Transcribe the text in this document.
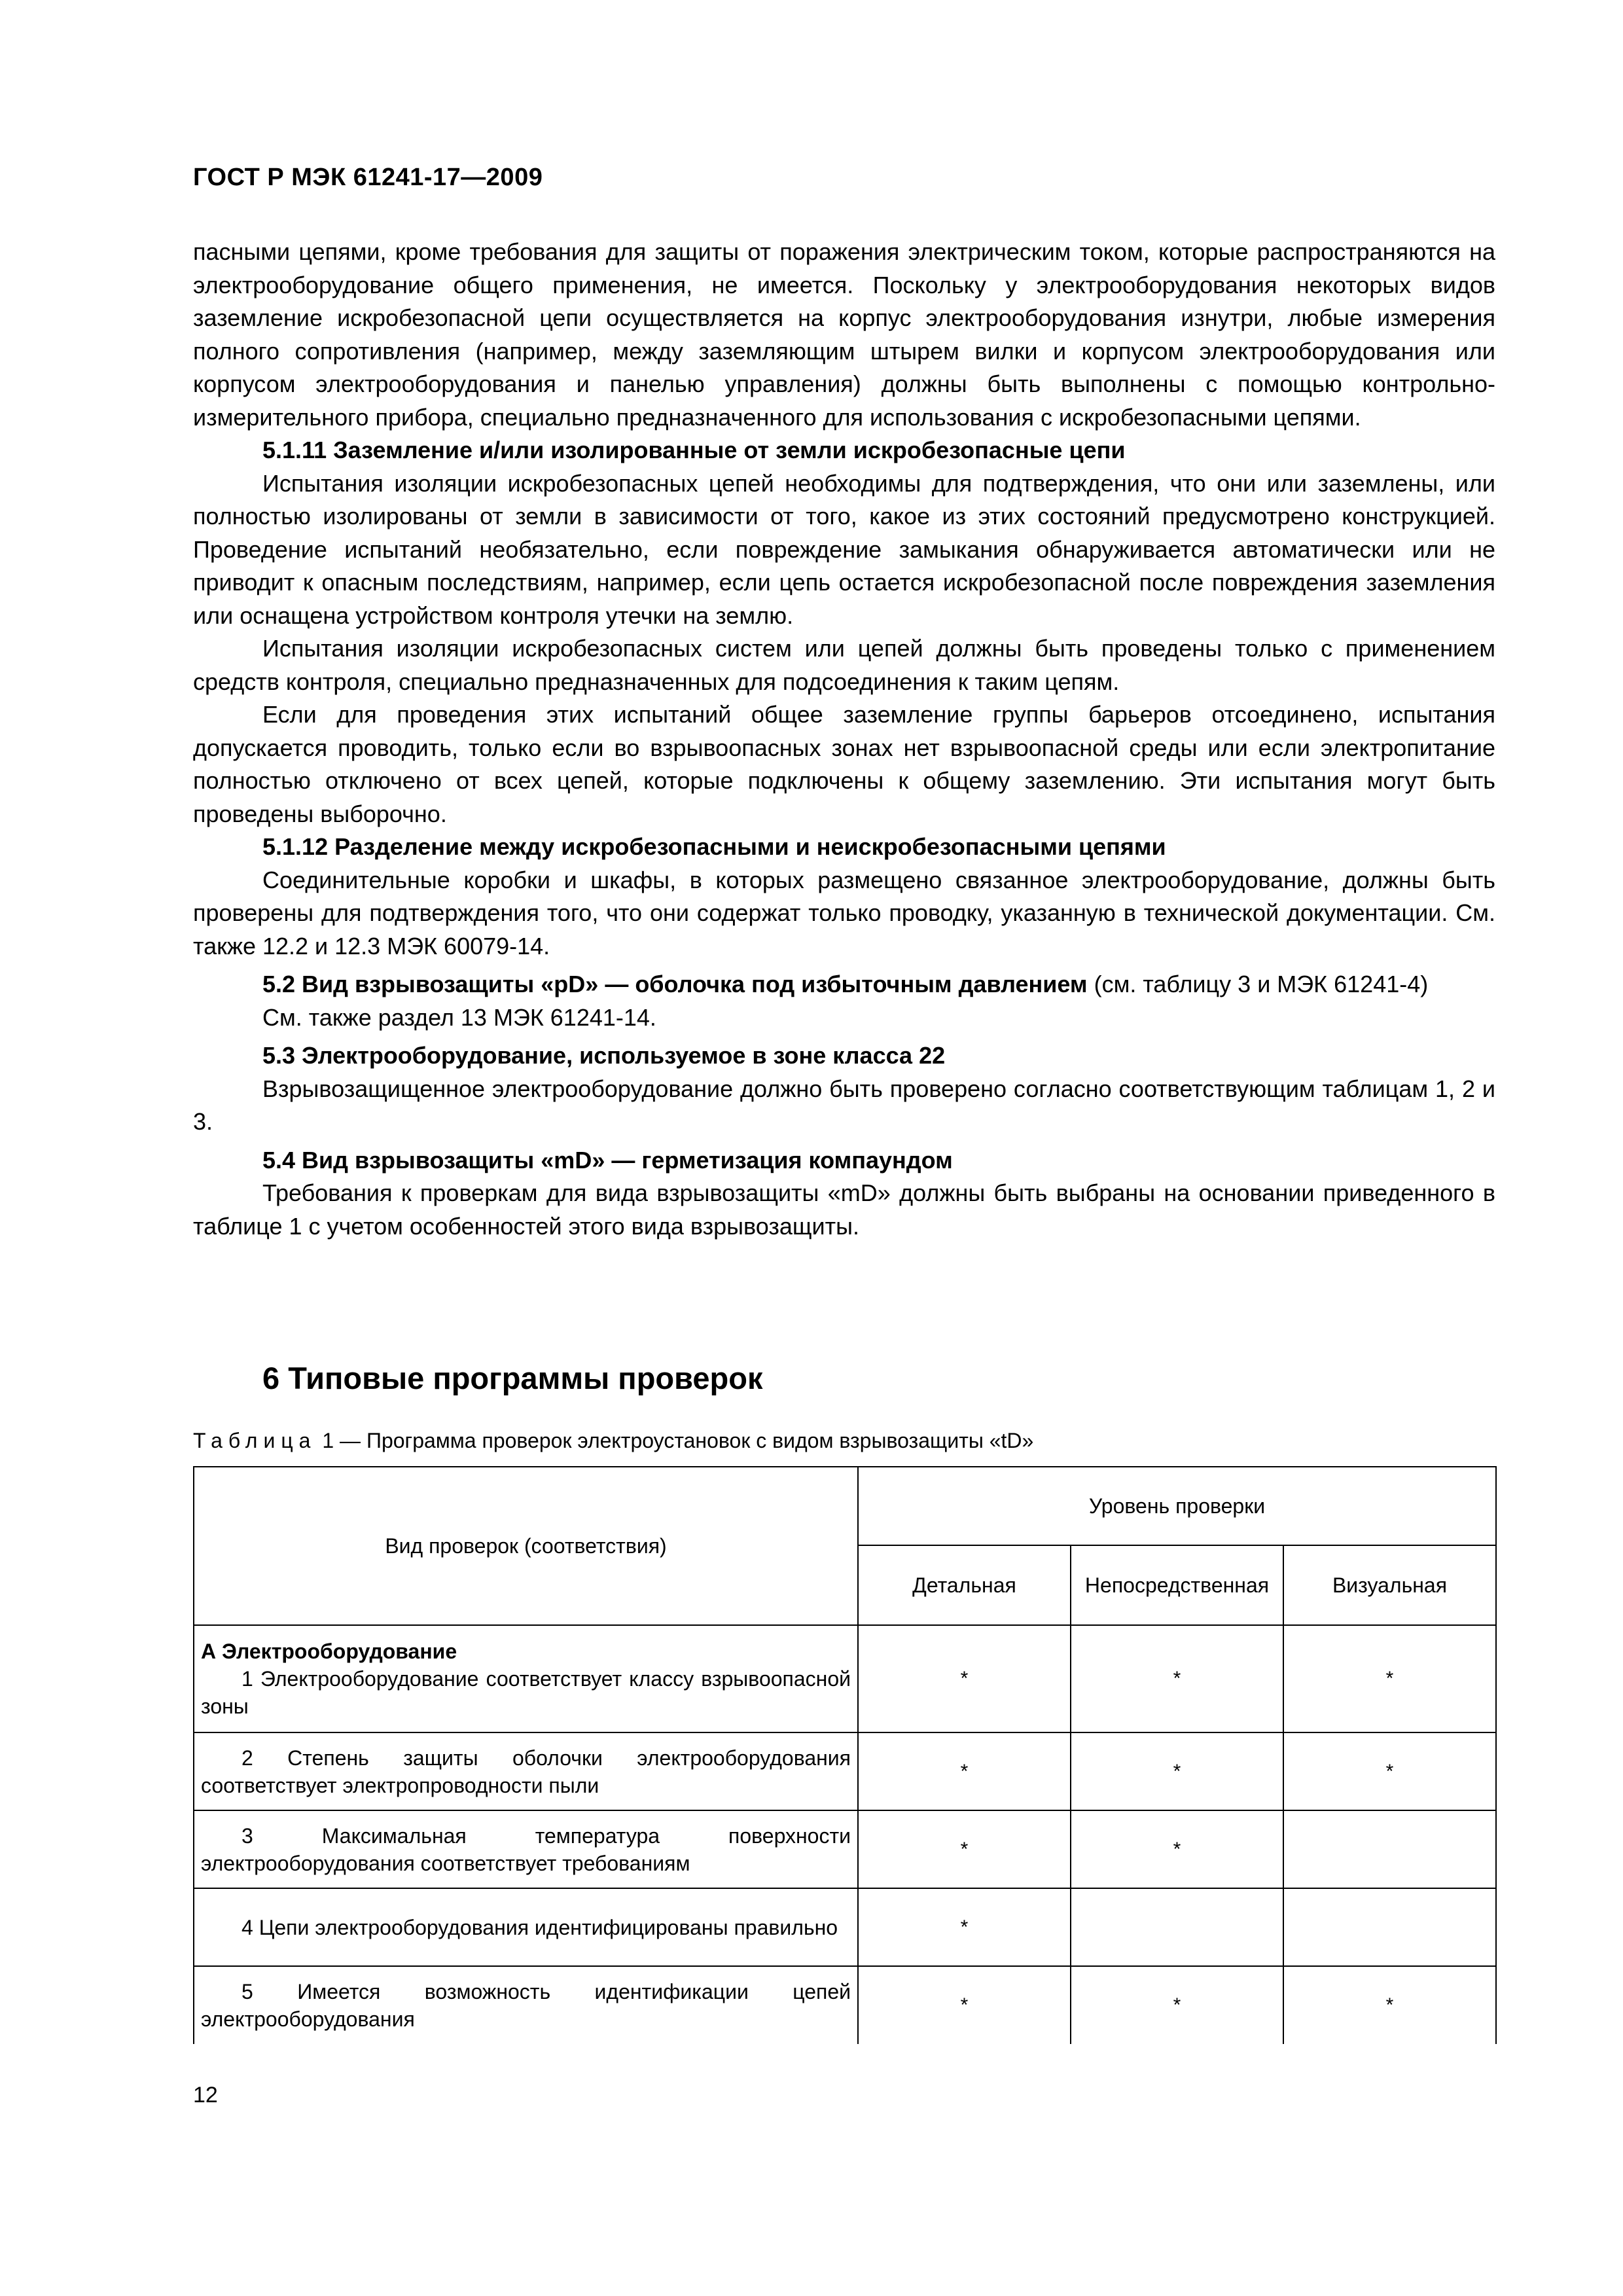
ГОСТ Р МЭК 61241-17—2009

пасными цепями, кроме требования для защиты от поражения электрическим током, которые распространяются на электрооборудование общего применения, не имеется. Поскольку у электрооборудования некоторых видов заземление искробезопасной цепи осуществляется на корпус электрооборудования изнутри, любые измерения полного сопротивления (например, между заземляющим штырем вилки и корпусом электрооборудования или корпусом электрооборудования и панелью управления) должны быть выполнены с помощью контрольно-измерительного прибора, специально предназначенного для использования с искробезопасными цепями.

5.1.11 Заземление и/или изолированные от земли искробезопасные цепи

Испытания изоляции искробезопасных цепей необходимы для подтверждения, что они или заземлены, или полностью изолированы от земли в зависимости от того, какое из этих состояний предусмотрено конструкцией. Проведение испытаний необязательно, если повреждение замыкания обнаруживается автоматически или не приводит к опасным последствиям, например, если цепь остается искробезопасной после повреждения заземления или оснащена устройством контроля утечки на землю.

Испытания изоляции искробезопасных систем или цепей должны быть проведены только с применением средств контроля, специально предназначенных для подсоединения к таким цепям.

Если для проведения этих испытаний общее заземление группы барьеров отсоединено, испытания допускается проводить, только если во взрывоопасных зонах нет взрывоопасной среды или если электропитание полностью отключено от всех цепей, которые подключены к общему заземлению. Эти испытания могут быть проведены выборочно.

5.1.12 Разделение между искробезопасными и неискробезопасными цепями

Соединительные коробки и шкафы, в которых размещено связанное электрооборудование, должны быть проверены для подтверждения того, что они содержат только проводку, указанную в технической документации. См. также 12.2 и 12.3 МЭК 60079-14.

5.2 Вид взрывозащиты «pD» — оболочка под избыточным давлением (см. таблицу 3 и МЭК 61241-4)

См. также раздел 13 МЭК 61241-14.

5.3 Электрооборудование, используемое в зоне класса 22

Взрывозащищенное электрооборудование должно быть проверено согласно соответствующим таблицам 1, 2 и 3.

5.4 Вид взрывозащиты «mD» — герметизация компаундом

Требования к проверкам для вида взрывозащиты «mD» должны быть выбраны на основании приведенного в таблице 1 с учетом особенностей этого вида взрывозащиты.

6 Типовые программы проверок
Таблица 1 — Программа проверок электроустановок с видом взрывозащиты «tD»
Вид проверок (соответствия)	Уровень проверки		
	Детальная	Непосредственная	Визуальная

А Электрооборудование
1 Электрооборудование соответствует классу взрывоопасной зоны	*	*	*

2 Степень защиты оболочки электрооборудования соответствует электропроводности пыли	*	*	*

3 Максимальная температура поверхности электрооборудования соответствует требованиям	*	*	

4 Цепи электрооборудования идентифицированы правильно	*		

5 Имеется возможность идентификации цепей электрооборудования	*	*	*
12
